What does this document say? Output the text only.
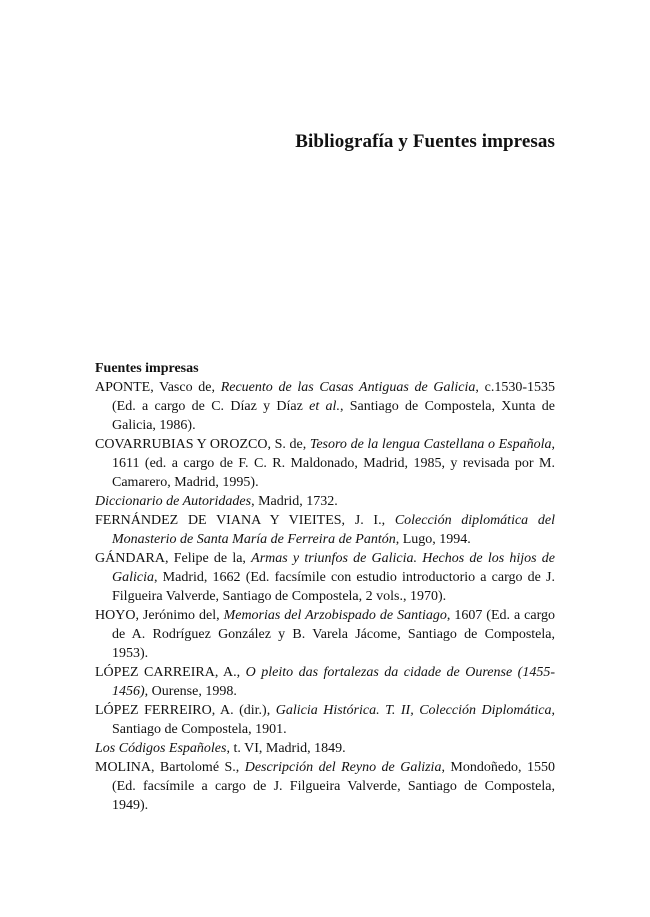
Bibliografía y Fuentes impresas

Fuentes impresas

APONTE, Vasco de, Recuento de las Casas Antiguas de Galicia, c.1530-1535 (Ed. a cargo de C. Díaz y Díaz et al., Santiago de Compostela, Xunta de Galicia, 1986).

COVARRUBIAS Y OROZCO, S. de, Tesoro de la lengua Castellana o Española, 1611 (ed. a cargo de F. C. R. Maldonado, Madrid, 1985, y revisada por M. Camarero, Madrid, 1995).

Diccionario de Autoridades, Madrid, 1732.

FERNÁNDEZ DE VIANA Y VIEITES, J. I., Colección diplomática del Monasterio de Santa María de Ferreira de Pantón, Lugo, 1994.

GÁNDARA, Felipe de la, Armas y triunfos de Galicia. Hechos de los hijos de Galicia, Madrid, 1662 (Ed. facsímile con estudio introductorio a cargo de J. Filgueira Valverde, Santiago de Compostela, 2 vols., 1970).

HOYO, Jerónimo del, Memorias del Arzobispado de Santiago, 1607 (Ed. a cargo de A. Rodríguez González y B. Varela Jácome, Santiago de Compostela, 1953).

LÓPEZ CARREIRA, A., O pleito das fortalezas da cidade de Ourense (1455-1456), Ourense, 1998.

LÓPEZ FERREIRO, A. (dir.), Galicia Histórica. T. II, Colección Diplomática, Santiago de Compostela, 1901.

Los Códigos Españoles, t. VI, Madrid, 1849.

MOLINA, Bartolomé S., Descripción del Reyno de Galizia, Mondoñedo, 1550 (Ed. facsímile a cargo de J. Filgueira Valverde, Santiago de Compostela, 1949).
